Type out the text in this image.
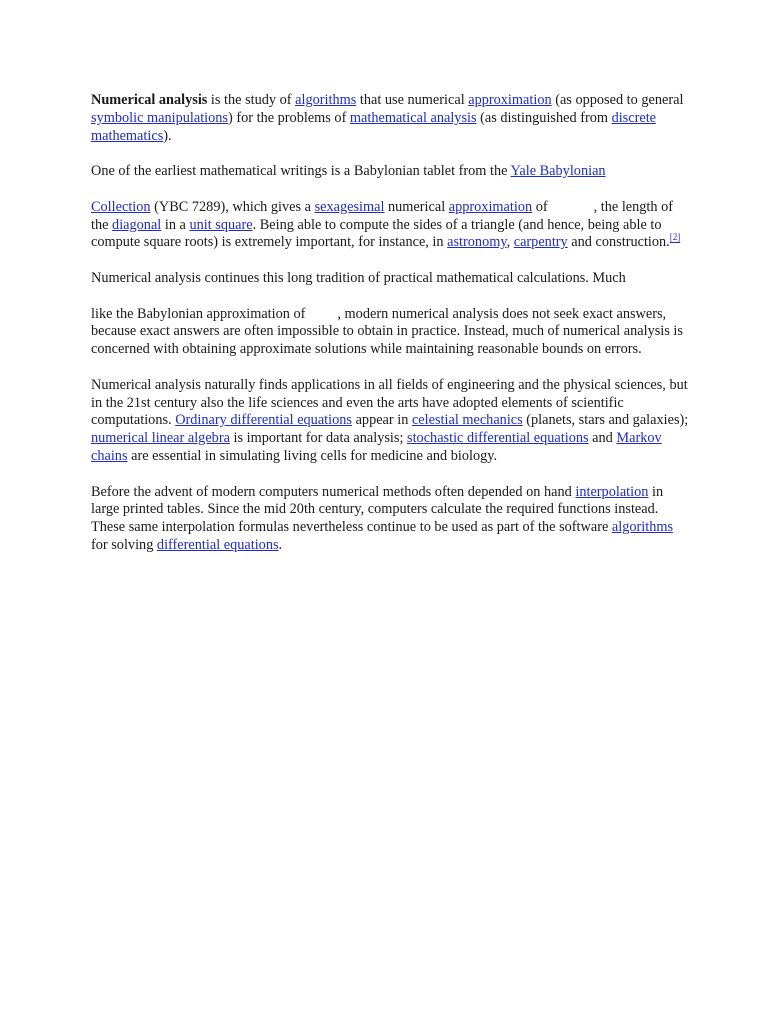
Numerical analysis is the study of algorithms that use numerical approximation (as opposed to general symbolic manipulations) for the problems of mathematical analysis (as distinguished from discrete mathematics).

One of the earliest mathematical writings is a Babylonian tablet from the Yale Babylonian

Collection (YBC 7289), which gives a sexagesimal numerical approximation of	, the length of the diagonal in a unit square. Being able to compute the sides of a triangle (and hence, being able to compute square roots) is extremely important, for instance, in astronomy, carpentry and construction.[2]

Numerical analysis continues this long tradition of practical mathematical calculations. Much

like the Babylonian approximation of , modern numerical analysis does not seek exact answers, because exact answers are often impossible to obtain in practice. Instead, much of numerical analysis is concerned with obtaining approximate solutions while maintaining reasonable bounds on errors.

Numerical analysis naturally finds applications in all fields of engineering and the physical sciences, but in the 21st century also the life sciences and even the arts have adopted elements of scientific computations. Ordinary differential equations appear in celestial mechanics (planets, stars and galaxies); numerical linear algebra is important for data analysis; stochastic differential equations and Markov chains are essential in simulating living cells for medicine and biology.

Before the advent of modern computers numerical methods often depended on hand interpolation in large printed tables. Since the mid 20th century, computers calculate the required functions instead. These same interpolation formulas nevertheless continue to be used as part of the software algorithms for solving differential equations.
